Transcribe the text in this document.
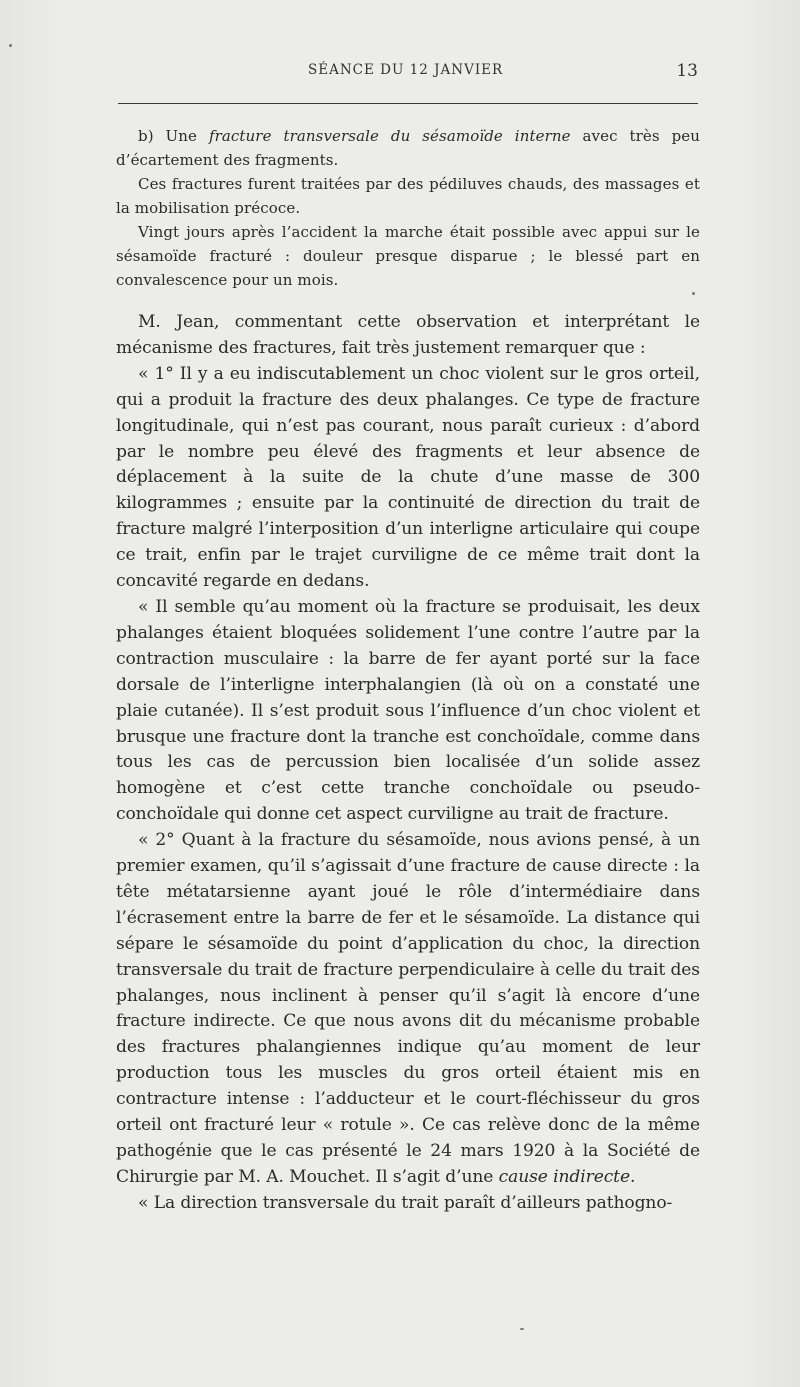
SÉANCE DU 12 JANVIER	13

b) Une fracture transversale du sésamoïde interne avec très peu d’écartement des fragments.

Ces fractures furent traitées par des pédiluves chauds, des massages et la mobilisation précoce.

Vingt jours après l’accident la marche était possible avec appui sur le sésamoïde fracturé : douleur presque disparue ; le blessé part en convalescence pour un mois.

M. Jean, commentant cette observation et interprétant le mécanisme des fractures, fait très justement remarquer que :

« 1° Il y a eu indiscutablement un choc violent sur le gros orteil, qui a produit la fracture des deux phalanges. Ce type de fracture longitudinale, qui n’est pas courant, nous paraît curieux : d’abord par le nombre peu élevé des fragments et leur absence de déplacement à la suite de la chute d’une masse de 300 kilogrammes ; ensuite par la continuité de direction du trait de fracture malgré l’interposition d’un interligne articulaire qui coupe ce trait, enfin par le trajet curviligne de ce même trait dont la concavité regarde en dedans.

« Il semble qu’au moment où la fracture se produisait, les deux phalanges étaient bloquées solidement l’une contre l’autre par la contraction musculaire : la barre de fer ayant porté sur la face dorsale de l’interligne interphalangien (là où on a constaté une plaie cutanée). Il s’est produit sous l’influence d’un choc violent et brusque une fracture dont la tranche est conchoïdale, comme dans tous les cas de percussion bien localisée d’un solide assez homogène et c’est cette tranche conchoïdale ou pseudo-conchoïdale qui donne cet aspect curviligne au trait de fracture.

« 2° Quant à la fracture du sésamoïde, nous avions pensé, à un premier examen, qu’il s’agissait d’une fracture de cause directe : la tête métatarsienne ayant joué le rôle d’intermédiaire dans l’écrasement entre la barre de fer et le sésamoïde. La distance qui sépare le sésamoïde du point d’application du choc, la direction transversale du trait de fracture perpendiculaire à celle du trait des phalanges, nous inclinent à penser qu’il s’agit là encore d’une fracture indirecte. Ce que nous avons dit du mécanisme probable des fractures phalangiennes indique qu’au moment de leur production tous les muscles du gros orteil étaient mis en contracture intense : l’adducteur et le court-fléchisseur du gros orteil ont fracturé leur « rotule ». Ce cas relève donc de la même pathogénie que le cas présenté le 24 mars 1920 à la Société de Chirurgie par M. A. Mouchet. Il s’agit d’une cause indirecte.

« La direction transversale du trait paraît d’ailleurs pathogno-
